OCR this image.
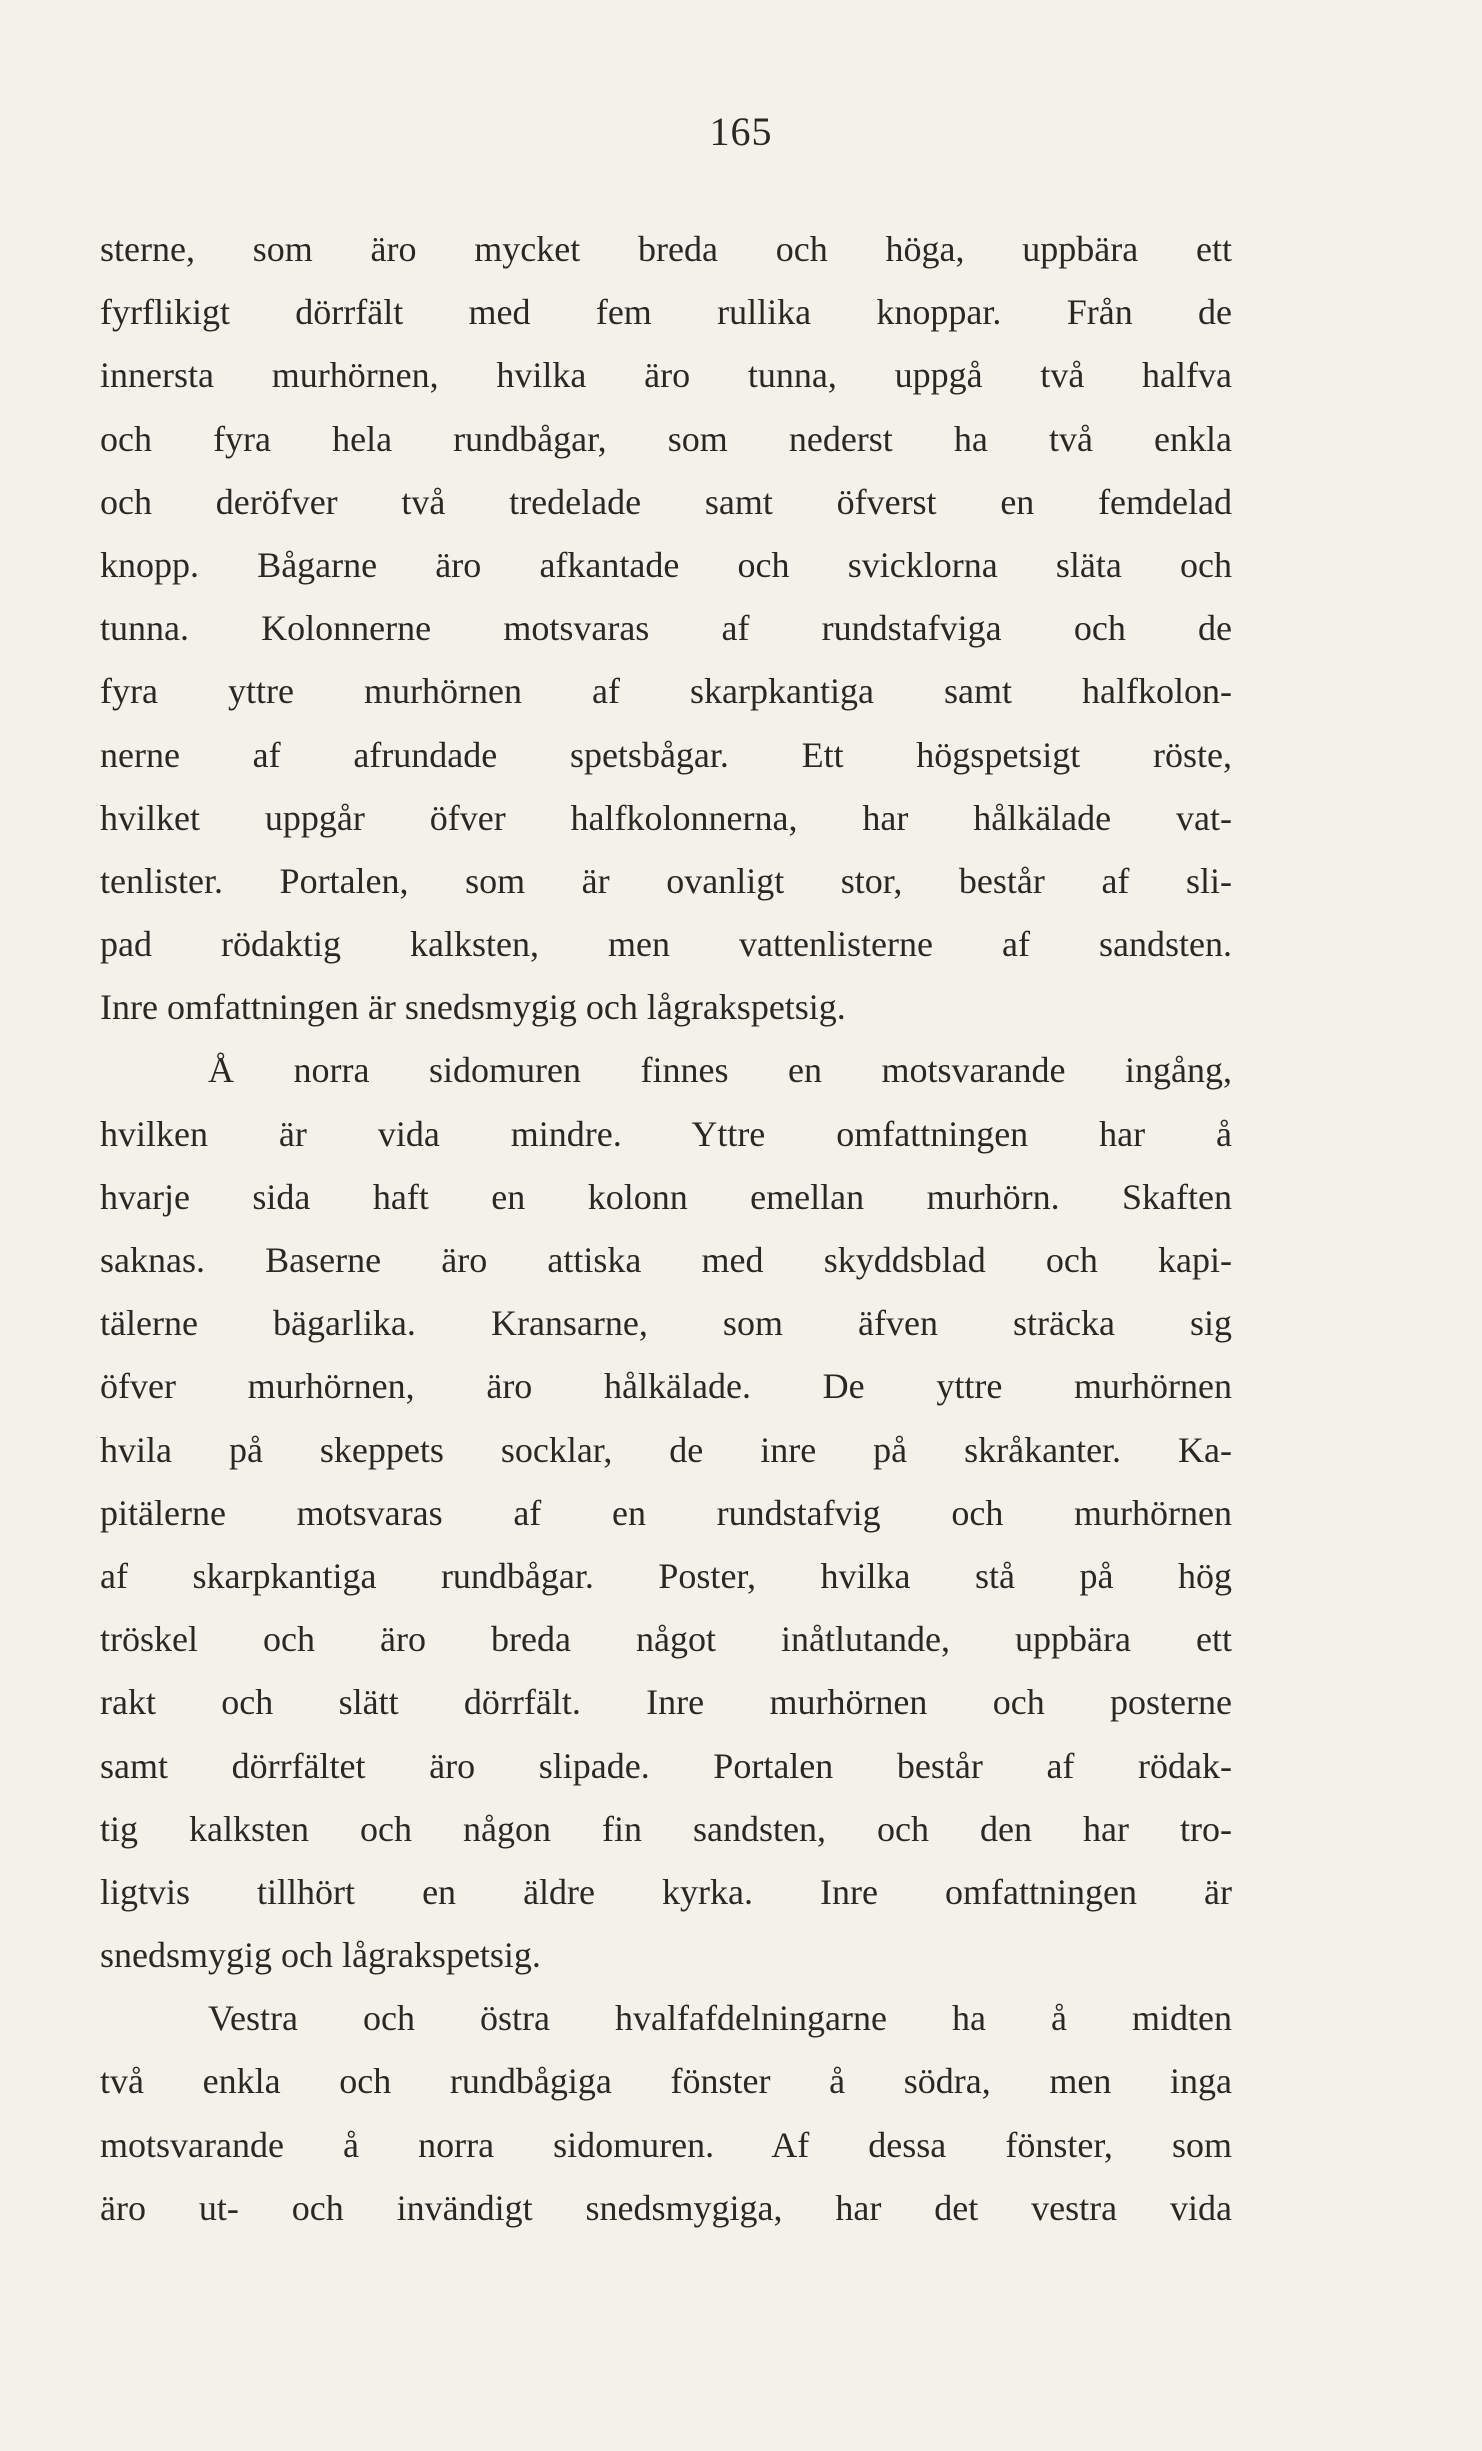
165
sterne, som äro mycket breda och höga, uppbära ett
fyrflikigt dörrfält med fem rullika knoppar. Från de
innersta murhörnen, hvilka äro tunna, uppgå två halfva
och fyra hela rundbågar, som nederst ha två enkla
och deröfver två tredelade samt öfverst en femdelad
knopp. Bågarne äro afkantade och svicklorna släta och
tunna. Kolonnerne motsvaras af rundstafviga och de
fyra yttre murhörnen af skarpkantiga samt halfkolon-
nerne af afrundade spetsbågar. Ett högspetsigt röste,
hvilket uppgår öfver halfkolonnerna, har hålkälade vat-
tenlister. Portalen, som är ovanligt stor, består af sli-
pad rödaktig kalksten, men vattenlisterne af sandsten.
Inre omfattningen är snedsmygig och lågrakspetsig.
Å norra sidomuren finnes en motsvarande ingång,
hvilken är vida mindre. Yttre omfattningen har å
hvarje sida haft en kolonn emellan murhörn. Skaften
saknas. Baserne äro attiska med skyddsblad och kapi-
tälerne bägarlika. Kransarne, som äfven sträcka sig
öfver murhörnen, äro hålkälade. De yttre murhörnen
hvila på skeppets socklar, de inre på skråkanter. Ka-
pitälerne motsvaras af en rundstafvig och murhörnen
af skarpkantiga rundbågar. Poster, hvilka stå på hög
tröskel och äro breda något inåtlutande, uppbära ett
rakt och slätt dörrfält. Inre murhörnen och posterne
samt dörrfältet äro slipade. Portalen består af rödak-
tig kalksten och någon fin sandsten, och den har tro-
ligtvis tillhört en äldre kyrka. Inre omfattningen är
snedsmygig och lågrakspetsig.
Vestra och östra hvalfafdelningarne ha å midten
två enkla och rundbågiga fönster å södra, men inga
motsvarande å norra sidomuren. Af dessa fönster, som
äro ut- och invändigt snedsmygiga, har det vestra vida
